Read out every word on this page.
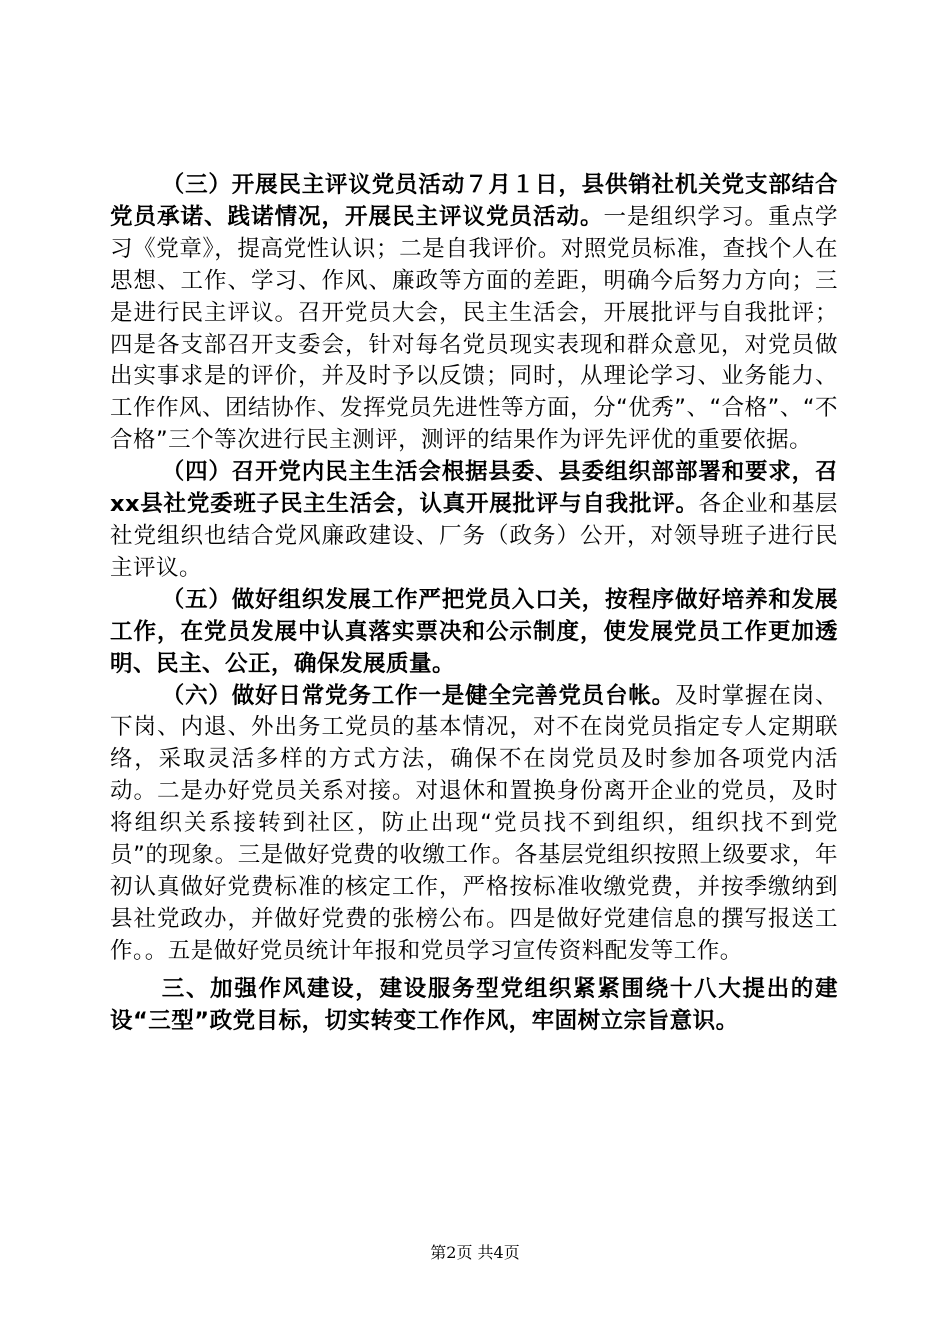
（三）开展民主评议党员活动７月１日，县供销社机关党支部结合党员承诺、践诺情况，开展民主评议党员活动。一是组织学习。重点学习《党章》，提高党性认识；二是自我评价。对照党员标准，查找个人在思想、工作、学习、作风、廉政等方面的差距，明确今后努力方向；三是进行民主评议。召开党员大会，民主生活会，开展批评与自我批评；四是各支部召开支委会，针对每名党员现实表现和群众意见，对党员做出实事求是的评价，并及时予以反馈；同时，从理论学习、业务能力、工作作风、团结协作、发挥党员先进性等方面，分“优秀”、“合格”、“不合格”三个等次进行民主测评，测评的结果作为评先评优的重要依据。

（四）召开党内民主生活会根据县委、县委组织部部署和要求，召xx县社党委班子民主生活会，认真开展批评与自我批评。各企业和基层社党组织也结合党风廉政建设、厂务（政务）公开，对领导班子进行民主评议。

（五）做好组织发展工作严把党员入口关，按程序做好培养和发展工作，在党员发展中认真落实票决和公示制度，使发展党员工作更加透明、民主、公正，确保发展质量。

（六）做好日常党务工作一是健全完善党员台帐。及时掌握在岗、下岗、内退、外出务工党员的基本情况，对不在岗党员指定专人定期联络，采取灵活多样的方式方法，确保不在岗党员及时参加各项党内活动。二是办好党员关系对接。对退休和置换身份离开企业的党员，及时将组织关系接转到社区，防止出现“党员找不到组织，组织找不到党员”的现象。三是做好党费的收缴工作。各基层党组织按照上级要求，年初认真做好党费标准的核定工作，严格按标准收缴党费，并按季缴纳到县社党政办，并做好党费的张榜公布。四是做好党建信息的撰写报送工作。。五是做好党员统计年报和党员学习宣传资料配发等工作。

三、加强作风建设，建设服务型党组织紧紧围绕十八大提出的建设“三型”政党目标，切实转变工作作风，牢固树立宗旨意识。

第2页 共4页
